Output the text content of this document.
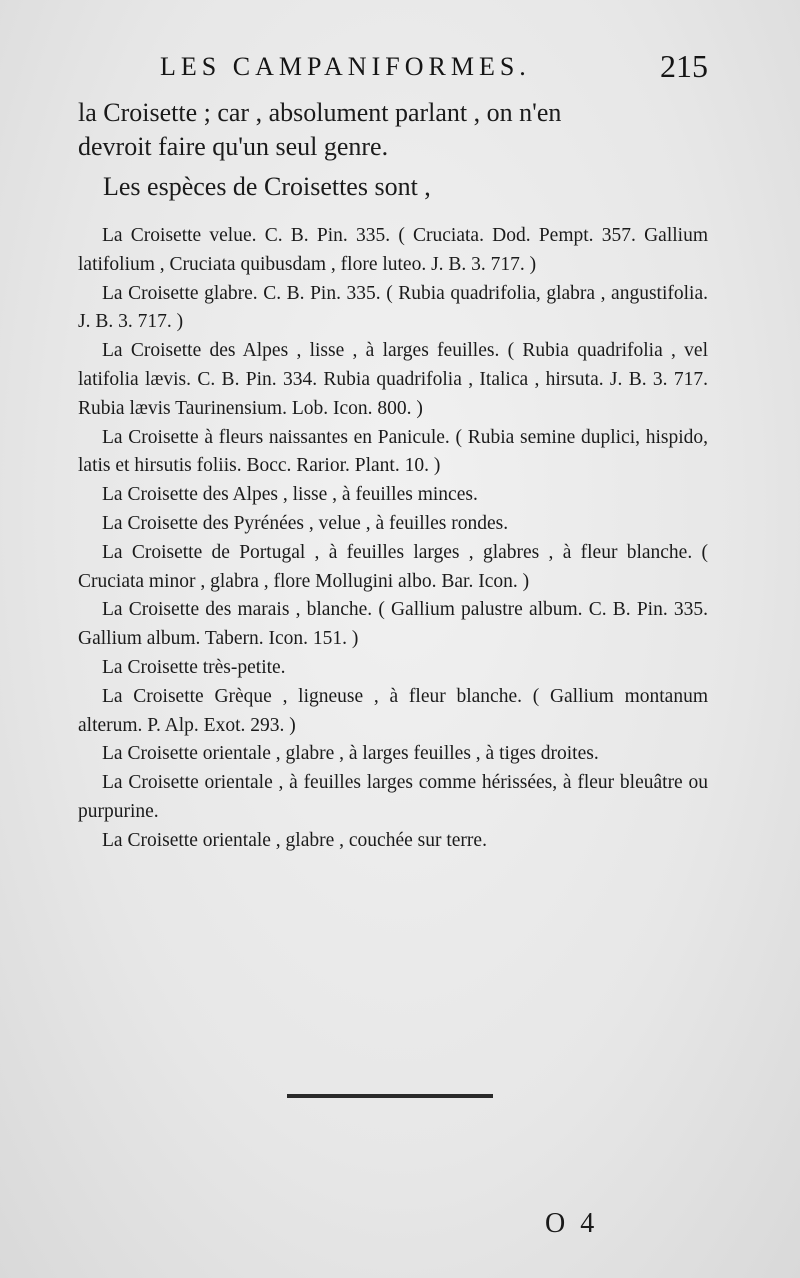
LES CAMPANIFORMES.	215

la Croisette ; car , absolument parlant , on n'en

devroit faire qu'un seul genre.

Les espèces de Croisettes sont ,

La Croisette velue. C. B. Pin. 335. ( Cruciata. Dod. Pempt. 357. Gallium latifolium , Cruciata quibusdam , flore luteo. J. B. 3. 717. )

La Croisette glabre. C. B. Pin. 335. ( Rubia quadrifolia, glabra , angustifolia. J. B. 3. 717. )

La Croisette des Alpes , lisse , à larges feuilles. ( Rubia quadrifolia , vel latifolia lævis. C. B. Pin. 334. Rubia quadrifolia , Italica , hirsuta. J. B. 3. 717. Rubia lævis Taurinensium. Lob. Icon. 800. )

La Croisette à fleurs naissantes en Panicule. ( Rubia semine duplici, hispido, latis et hirsutis foliis. Bocc. Rarior. Plant. 10. )

La Croisette des Alpes , lisse , à feuilles minces.

La Croisette des Pyrénées , velue , à feuilles rondes.

La Croisette de Portugal , à feuilles larges , glabres , à fleur blanche. ( Cruciata minor , glabra , flore Mollugini albo. Bar. Icon. )

La Croisette des marais , blanche. ( Gallium palustre album. C. B. Pin. 335. Gallium album. Tabern. Icon. 151. )

La Croisette très-petite.

La Croisette Grèque , ligneuse , à fleur blanche. ( Gallium montanum alterum. P. Alp. Exot. 293. )

La Croisette orientale , glabre , à larges feuilles , à tiges droites.

La Croisette orientale , à feuilles larges comme hérissées, à fleur bleuâtre ou purpurine.

La Croisette orientale , glabre , couchée sur terre.

O 4
